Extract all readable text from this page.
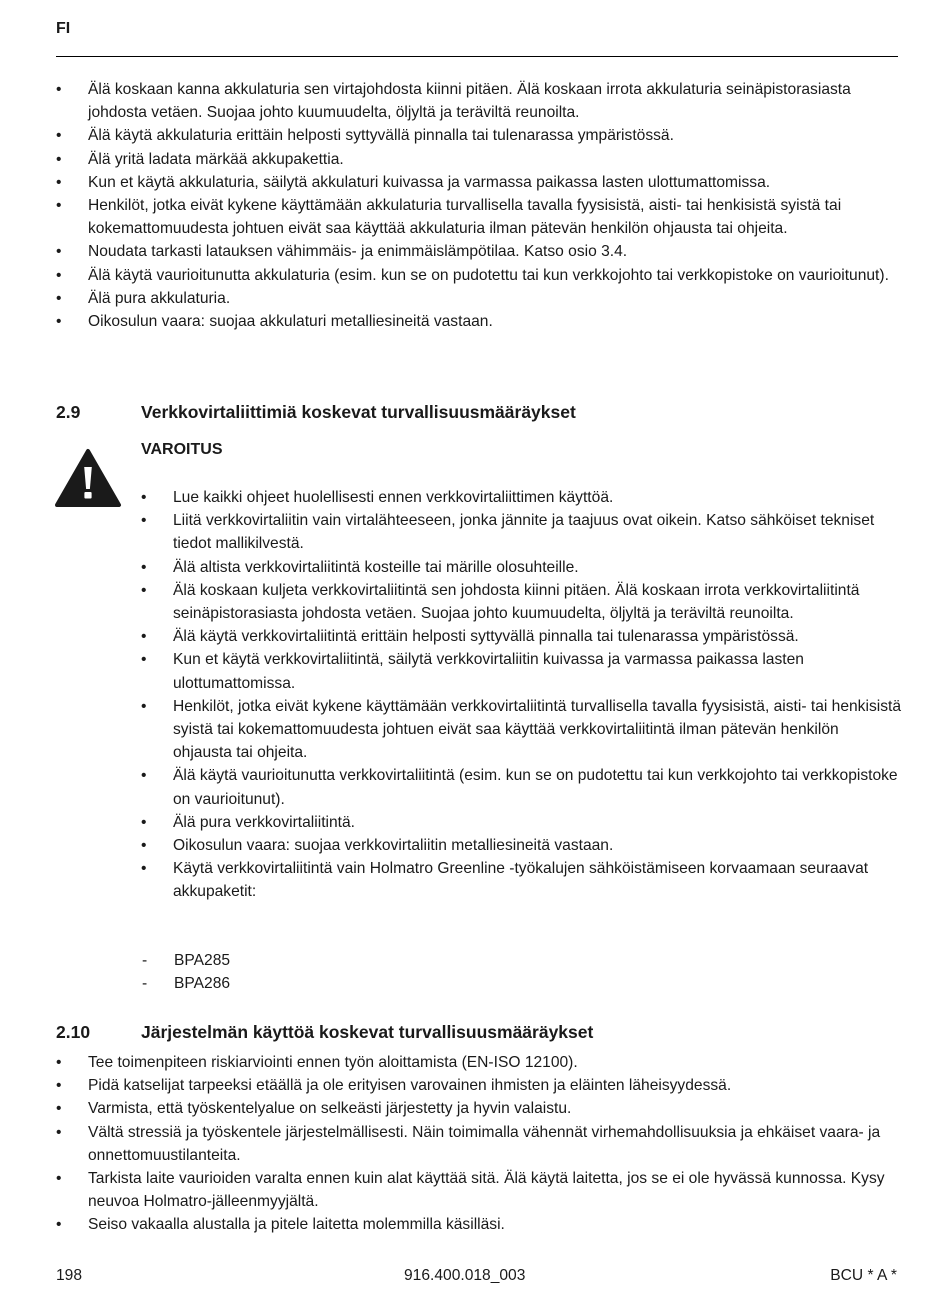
FI
• Älä koskaan kanna akkulaturia sen virtajohdosta kiinni pitäen. Älä koskaan irrota akkulaturia seinäpistorasiasta johdosta vetäen. Suojaa johto kuumuudelta, öljyltä ja teräviltä reunoilta.
• Älä käytä akkulaturia erittäin helposti syttyvällä pinnalla tai tulenarassa ympäristössä.
• Älä yritä ladata märkää akkupakettia.
• Kun et käytä akkulaturia, säilytä akkulaturi kuivassa ja varmassa paikassa lasten ulottumattomissa.
• Henkilöt, jotka eivät kykene käyttämään akkulaturia turvallisella tavalla fyysisistä, aisti- tai henkisistä syistä tai kokemattomuudesta johtuen eivät saa käyttää akkulaturia ilman pätevän henkilön ohjausta tai ohjeita.
• Noudata tarkasti latauksen vähimmäis- ja enimmäislämpötilaa. Katso osio 3.4.
• Älä käytä vaurioitunutta akkulaturia (esim. kun se on pudotettu tai kun verkkojohto tai verkkopistoke on vaurioitunut).
• Älä pura akkulaturia.
• Oikosulun vaara: suojaa akkulaturi metalliesineitä vastaan.
2.9	Verkkovirtaliittimiä koskevat turvallisuusmääräykset
VAROITUS
• Lue kaikki ohjeet huolellisesti ennen verkkovirtaliittimen käyttöä.
• Liitä verkkovirtaliitin vain virtalähteeseen, jonka jännite ja taajuus ovat oikein. Katso sähköiset tekniset tiedot mallikilvestä.
• Älä altista verkkovirtaliitintä kosteille tai märille olosuhteille.
• Älä koskaan kuljeta verkkovirtaliitintä sen johdosta kiinni pitäen. Älä koskaan irrota verkkovirtaliitintä seinäpistorasiasta johdosta vetäen. Suojaa johto kuumuudelta, öljyltä ja teräviltä reunoilta.
• Älä käytä verkkovirtaliitintä erittäin helposti syttyvällä pinnalla tai tulenarassa ympäristössä.
• Kun et käytä verkkovirtaliitintä, säilytä verkkovirtaliitin kuivassa ja varmassa paikassa lasten ulottumattomissa.
• Henkilöt, jotka eivät kykene käyttämään verkkovirtaliitintä turvallisella tavalla fyysisistä, aisti- tai henkisistä syistä tai kokemattomuudesta johtuen eivät saa käyttää verkkovirtaliitintä ilman pätevän henkilön ohjausta tai ohjeita.
• Älä käytä vaurioitunutta verkkovirtaliitintä (esim. kun se on pudotettu tai kun verkkojohto tai verkkopistoke on vaurioitunut).
• Älä pura verkkovirtaliitintä.
• Oikosulun vaara: suojaa verkkovirtaliitin metalliesineitä vastaan.
• Käytä verkkovirtaliitintä vain Holmatro Greenline -työkalujen sähköistämiseen korvaamaan seuraavat akkupaketit:
- BPA285
- BPA286
2.10	Järjestelmän käyttöä koskevat turvallisuusmääräykset
• Tee toimenpiteen riskiarviointi ennen työn aloittamista (EN-ISO 12100).
• Pidä katselijat tarpeeksi etäällä ja ole erityisen varovainen ihmisten ja eläinten läheisyydessä.
• Varmista, että työskentelyalue on selkeästi järjestetty ja hyvin valaistu.
• Vältä stressiä ja työskentele järjestelmällisesti. Näin toimimalla vähennät virhemahdollisuuksia ja ehkäiset vaara- ja onnettomuustilanteita.
• Tarkista laite vaurioiden varalta ennen kuin alat käyttää sitä. Älä käytä laitetta, jos se ei ole hyvässä kunnossa. Kysy neuvoa Holmatro-jälleenmyyjältä.
• Seiso vakaalla alustalla ja pitele laitetta molemmilla käsilläsi.
198	916.400.018_003	BCU * A *
